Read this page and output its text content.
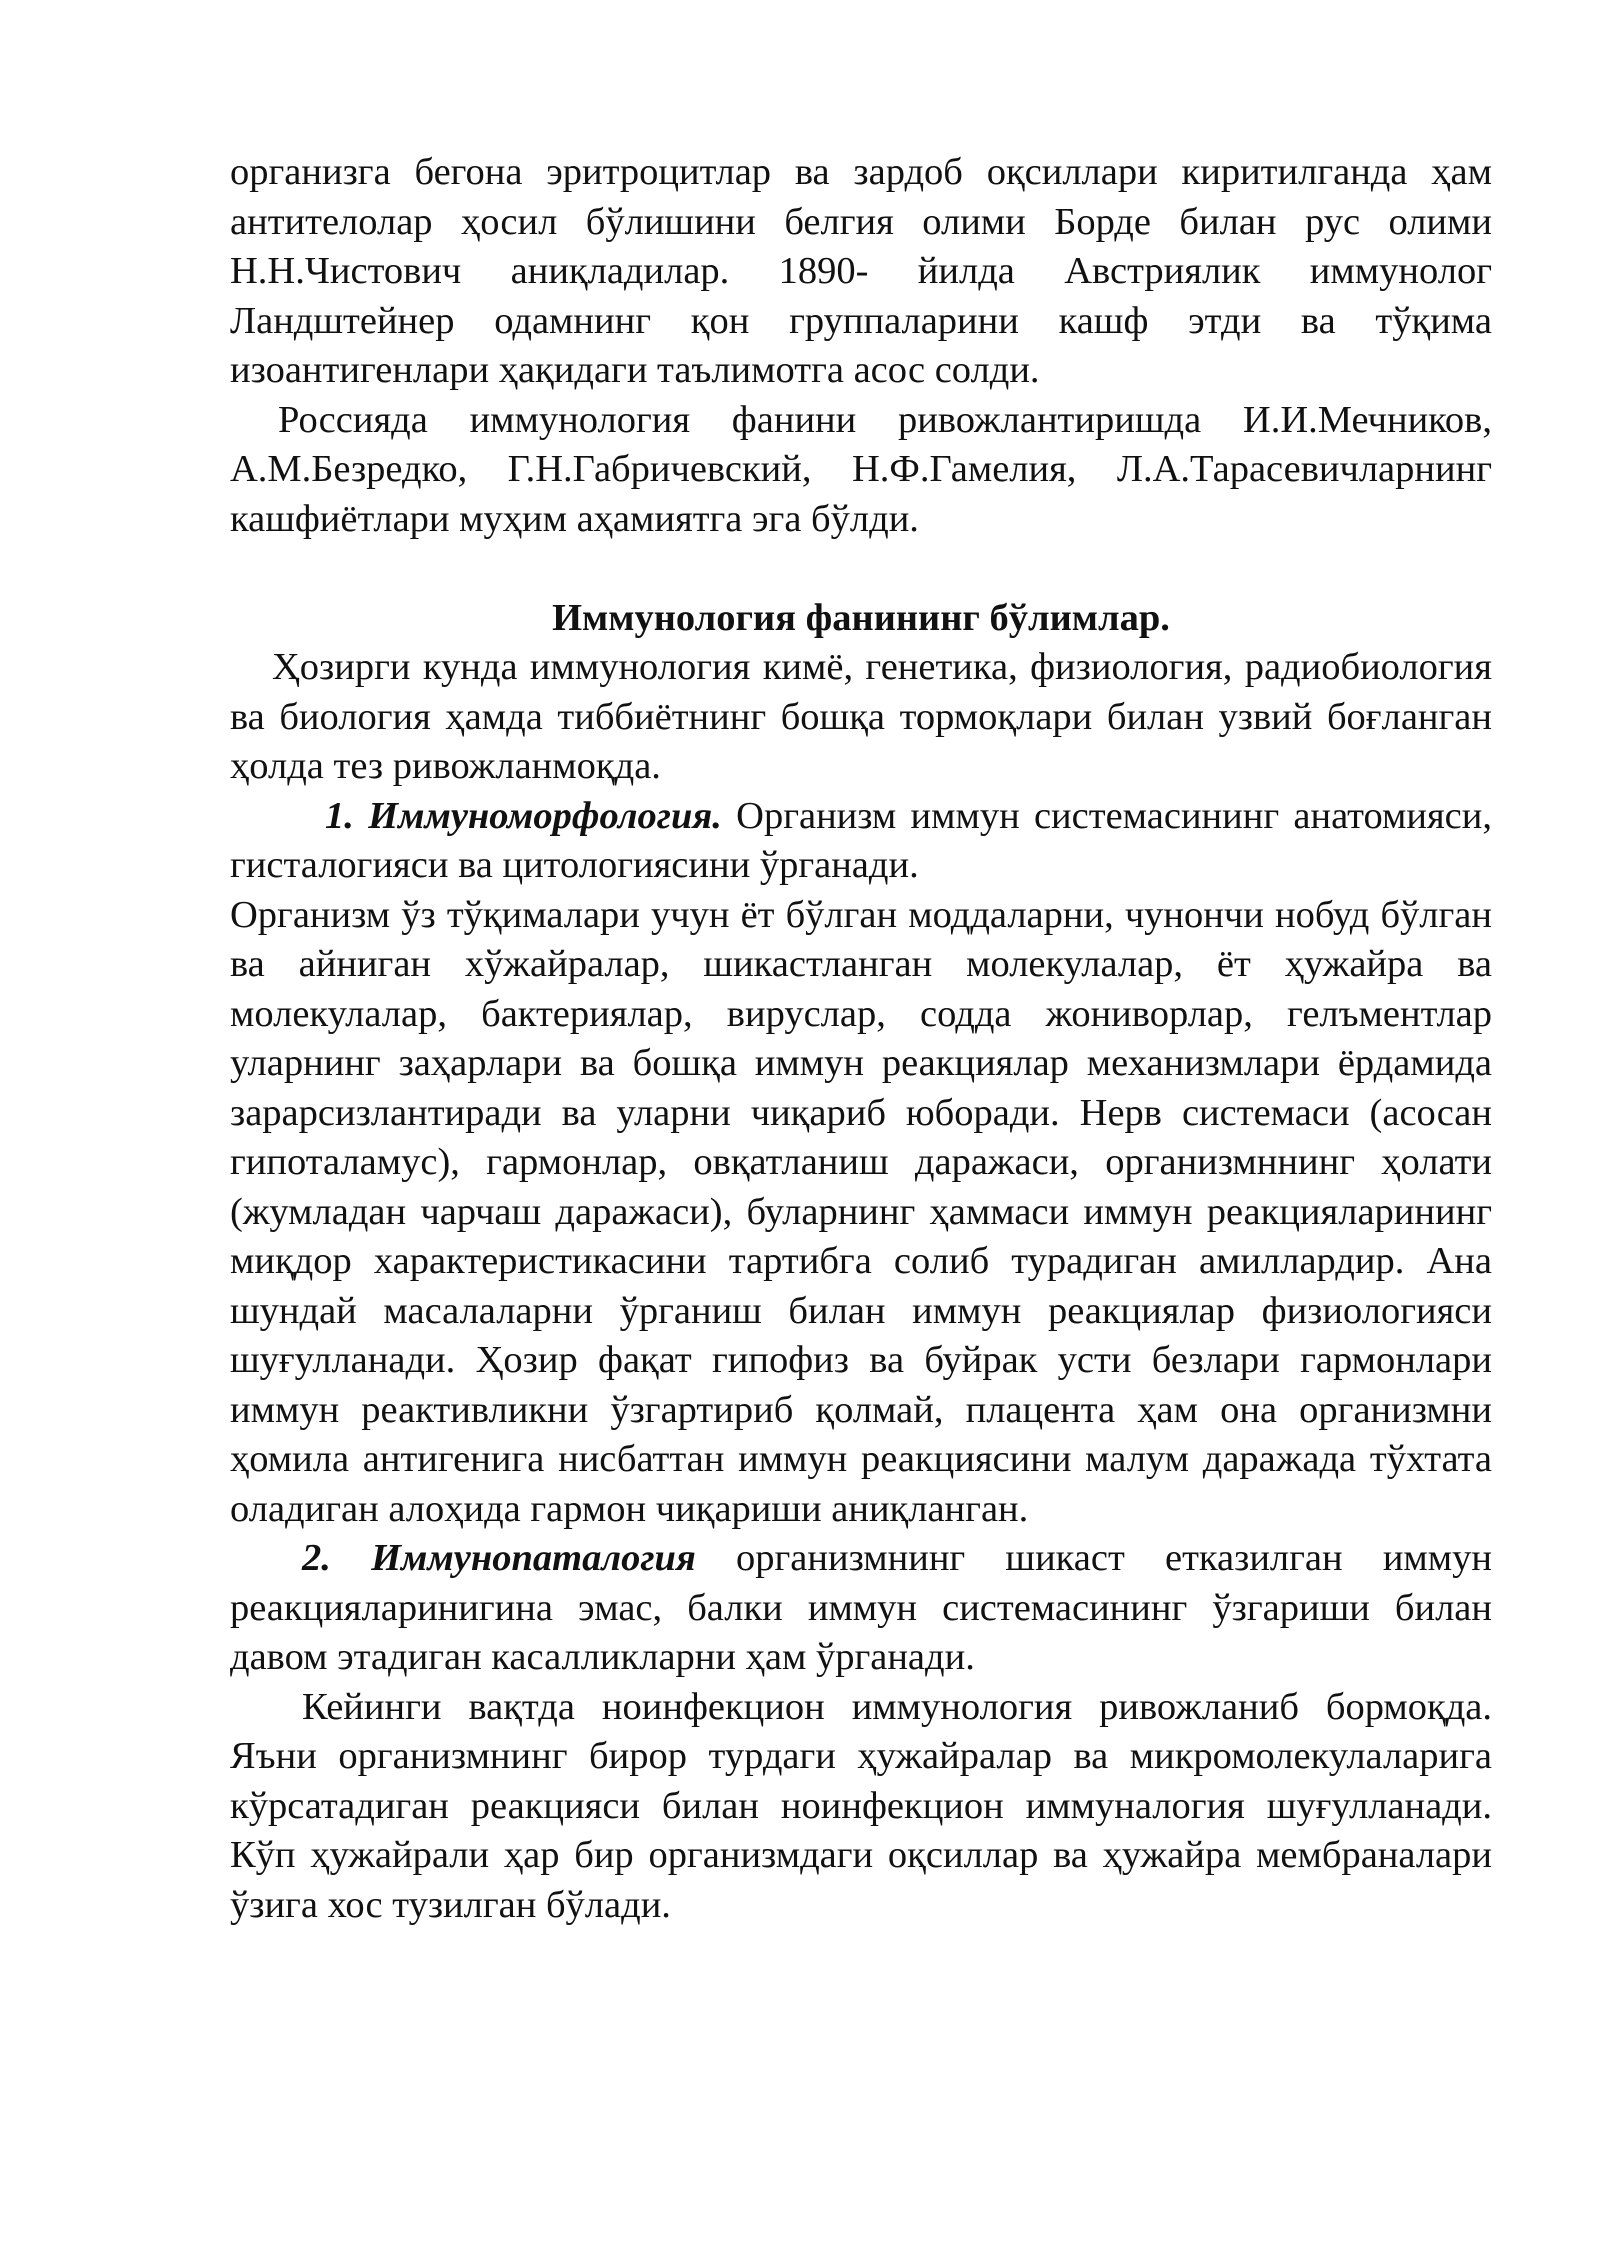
организга бегона эритроцитлар ва зардоб оқсиллари киритилганда ҳам антителолар ҳосил бўлишини белгия олими Борде билан рус олими Н.Н.Чистович аниқладилар. 1890- йилда Австриялик иммунолог Ландштейнер одамнинг қон группаларини кашф этди ва тўқима изоантигенлари ҳақидаги таълимотга асос солди.

Россияда иммунология фанини ривожлантиришда И.И.Мечников, А.М.Безредко, Г.Н.Габричевский, Н.Ф.Гамелия, Л.А.Тарасевичларнинг кашфиётлари муҳим аҳамиятга эга бўлди.

Иммунология фанининг бўлимлар.

Ҳозирги кунда иммунология кимё, генетика, физиология, радиобиология ва биология ҳамда тиббиётнинг бошқа тормоқлари билан узвий боғланган ҳолда тез ривожланмоқда.

1. Иммуноморфология. Организм иммун системасининг анатомияси, гисталогияси ва цитологиясини ўрганади.

Организм ўз тўқималари учун ёт бўлган моддаларни, чунончи нобуд бўлган ва айниган хўжайралар, шикастланган молекулалар, ёт ҳужайра ва молекулалар, бактериялар, вируслар, содда жониворлар, гелъментлар уларнинг заҳарлари ва бошқа иммун реакциялар механизмлари ёрдамида зарарсизлантиради ва уларни чиқариб юборади. Нерв системаси (асосан гипоталамус), гармонлар, овқатланиш даражаси, организмннинг ҳолати (жумладан чарчаш даражаси), буларнинг ҳаммаси иммун реакцияларининг миқдор характеристикасини тартибга солиб турадиган амиллардир. Ана шундай масалаларни ўрганиш билан иммун реакциялар физиологияси шуғулланади. Ҳозир фақат гипофиз ва буйрак усти безлари гармонлари иммун реактивликни ўзгартириб қолмай, плацента ҳам она организмни ҳомила антигенига нисбаттан иммун реакциясини малум даражада тўхтата оладиган алоҳида гармон чиқариши аниқланган.

2. Иммунопаталогия организмнинг шикаст етказилган иммун реакцияларинигина эмас, балки иммун системасининг ўзгариши билан давом этадиган касалликларни ҳам ўрганади.

Кейинги вақтда ноинфекцион иммунология ривожланиб бормоқда. Яъни организмнинг бирор турдаги ҳужайралар ва микромолекулаларига кўрсатадиган реакцияси билан ноинфекцион иммуналогия шуғулланади. Кўп ҳужайрали ҳар бир организмдаги оқсиллар ва ҳужайра мембраналари ўзига хос тузилган бўлади.
